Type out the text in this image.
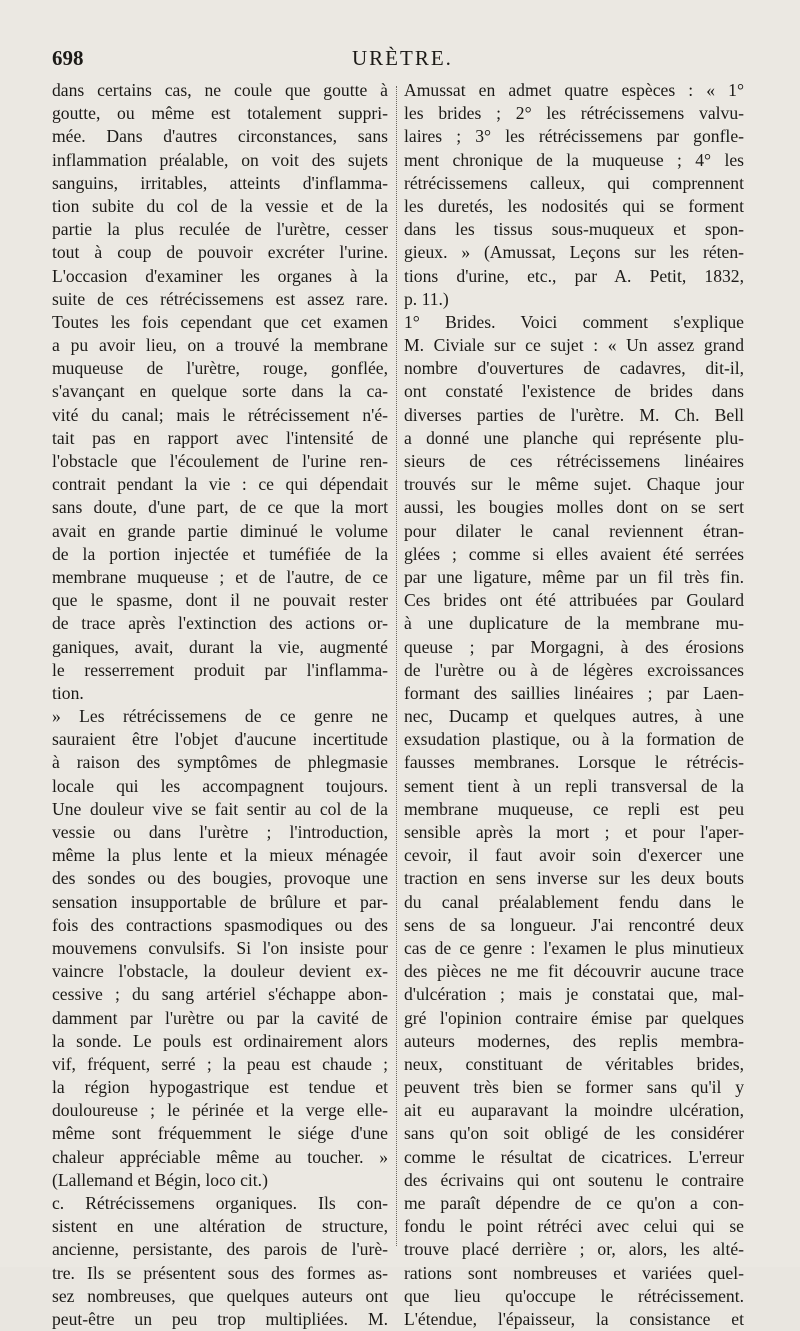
698	URÈTRE.
dans certains cas, ne coule que goutte à
goutte, ou même est totalement suppri-
mée. Dans d'autres circonstances, sans
inflammation préalable, on voit des sujets
sanguins, irritables, atteints d'inflamma-
tion subite du col de la vessie et de la
partie la plus reculée de l'urètre, cesser
tout à coup de pouvoir excréter l'urine.
L'occasion d'examiner les organes à la
suite de ces rétrécissemens est assez rare.
Toutes les fois cependant que cet examen
a pu avoir lieu, on a trouvé la membrane
muqueuse de l'urètre, rouge, gonflée,
s'avançant en quelque sorte dans la ca-
vité du canal; mais le rétrécissement n'é-
tait pas en rapport avec l'intensité de
l'obstacle que l'écoulement de l'urine ren-
contrait pendant la vie : ce qui dépendait
sans doute, d'une part, de ce que la mort
avait en grande partie diminué le volume
de la portion injectée et tuméfiée de la
membrane muqueuse ; et de l'autre, de ce
que le spasme, dont il ne pouvait rester
de trace après l'extinction des actions or-
ganiques, avait, durant la vie, augmenté
le resserrement produit par l'inflamma-
tion.
» Les rétrécissemens de ce genre ne
sauraient être l'objet d'aucune incertitude
à raison des symptômes de phlegmasie
locale qui les accompagnent toujours.
Une douleur vive se fait sentir au col de la
vessie ou dans l'urètre ; l'introduction,
même la plus lente et la mieux ménagée
des sondes ou des bougies, provoque une
sensation insupportable de brûlure et par-
fois des contractions spasmodiques ou des
mouvemens convulsifs. Si l'on insiste pour
vaincre l'obstacle, la douleur devient ex-
cessive ; du sang artériel s'échappe abon-
damment par l'urètre ou par la cavité de
la sonde. Le pouls est ordinairement alors
vif, fréquent, serré ; la peau est chaude ;
la région hypogastrique est tendue et
douloureuse ; le périnée et la verge elle-
même sont fréquemment le siége d'une
chaleur appréciable même au toucher. »
(Lallemand et Bégin, loco cit.)
c. Rétrécissemens organiques. Ils con-
sistent en une altération de structure,
ancienne, persistante, des parois de l'urè-
tre. Ils se présentent sous des formes as-
sez nombreuses, que quelques auteurs ont
peut-être un peu trop multipliées. M.
Amussat en admet quatre espèces : « 1°
les brides ; 2° les rétrécissemens valvu-
laires ; 3° les rétrécissemens par gonfle-
ment chronique de la muqueuse ; 4° les
rétrécissemens calleux, qui comprennent
les duretés, les nodosités qui se forment
dans les tissus sous-muqueux et spon-
gieux. » (Amussat, Leçons sur les réten-
tions d'urine, etc., par A. Petit, 1832,
p. 11.)
1° Brides. Voici comment s'explique
M. Civiale sur ce sujet : « Un assez grand
nombre d'ouvertures de cadavres, dit-il,
ont constaté l'existence de brides dans
diverses parties de l'urètre. M. Ch. Bell
a donné une planche qui représente plu-
sieurs de ces rétrécissemens linéaires
trouvés sur le même sujet. Chaque jour
aussi, les bougies molles dont on se sert
pour dilater le canal reviennent étran-
glées ; comme si elles avaient été serrées
par une ligature, même par un fil très fin.
Ces brides ont été attribuées par Goulard
à une duplicature de la membrane mu-
queuse ; par Morgagni, à des érosions
de l'urètre ou à de légères excroissances
formant des saillies linéaires ; par Laen-
nec, Ducamp et quelques autres, à une
exsudation plastique, ou à la formation de
fausses membranes. Lorsque le rétrécis-
sement tient à un repli transversal de la
membrane muqueuse, ce repli est peu
sensible après la mort ; et pour l'aper-
cevoir, il faut avoir soin d'exercer une
traction en sens inverse sur les deux bouts
du canal préalablement fendu dans le
sens de sa longueur. J'ai rencontré deux
cas de ce genre : l'examen le plus minutieux
des pièces ne me fit découvrir aucune trace
d'ulcération ; mais je constatai que, mal-
gré l'opinion contraire émise par quelques
auteurs modernes, des replis membra-
neux, constituant de véritables brides,
peuvent très bien se former sans qu'il y
ait eu auparavant la moindre ulcération,
sans qu'on soit obligé de les considérer
comme le résultat de cicatrices. L'erreur
des écrivains qui ont soutenu le contraire
me paraît dépendre de ce qu'on a con-
fondu le point rétréci avec celui qui se
trouve placé derrière ; or, alors, les alté-
rations sont nombreuses et variées quel-
que lieu qu'occupe le rétrécissement.
L'étendue, l'épaisseur, la consistance et
